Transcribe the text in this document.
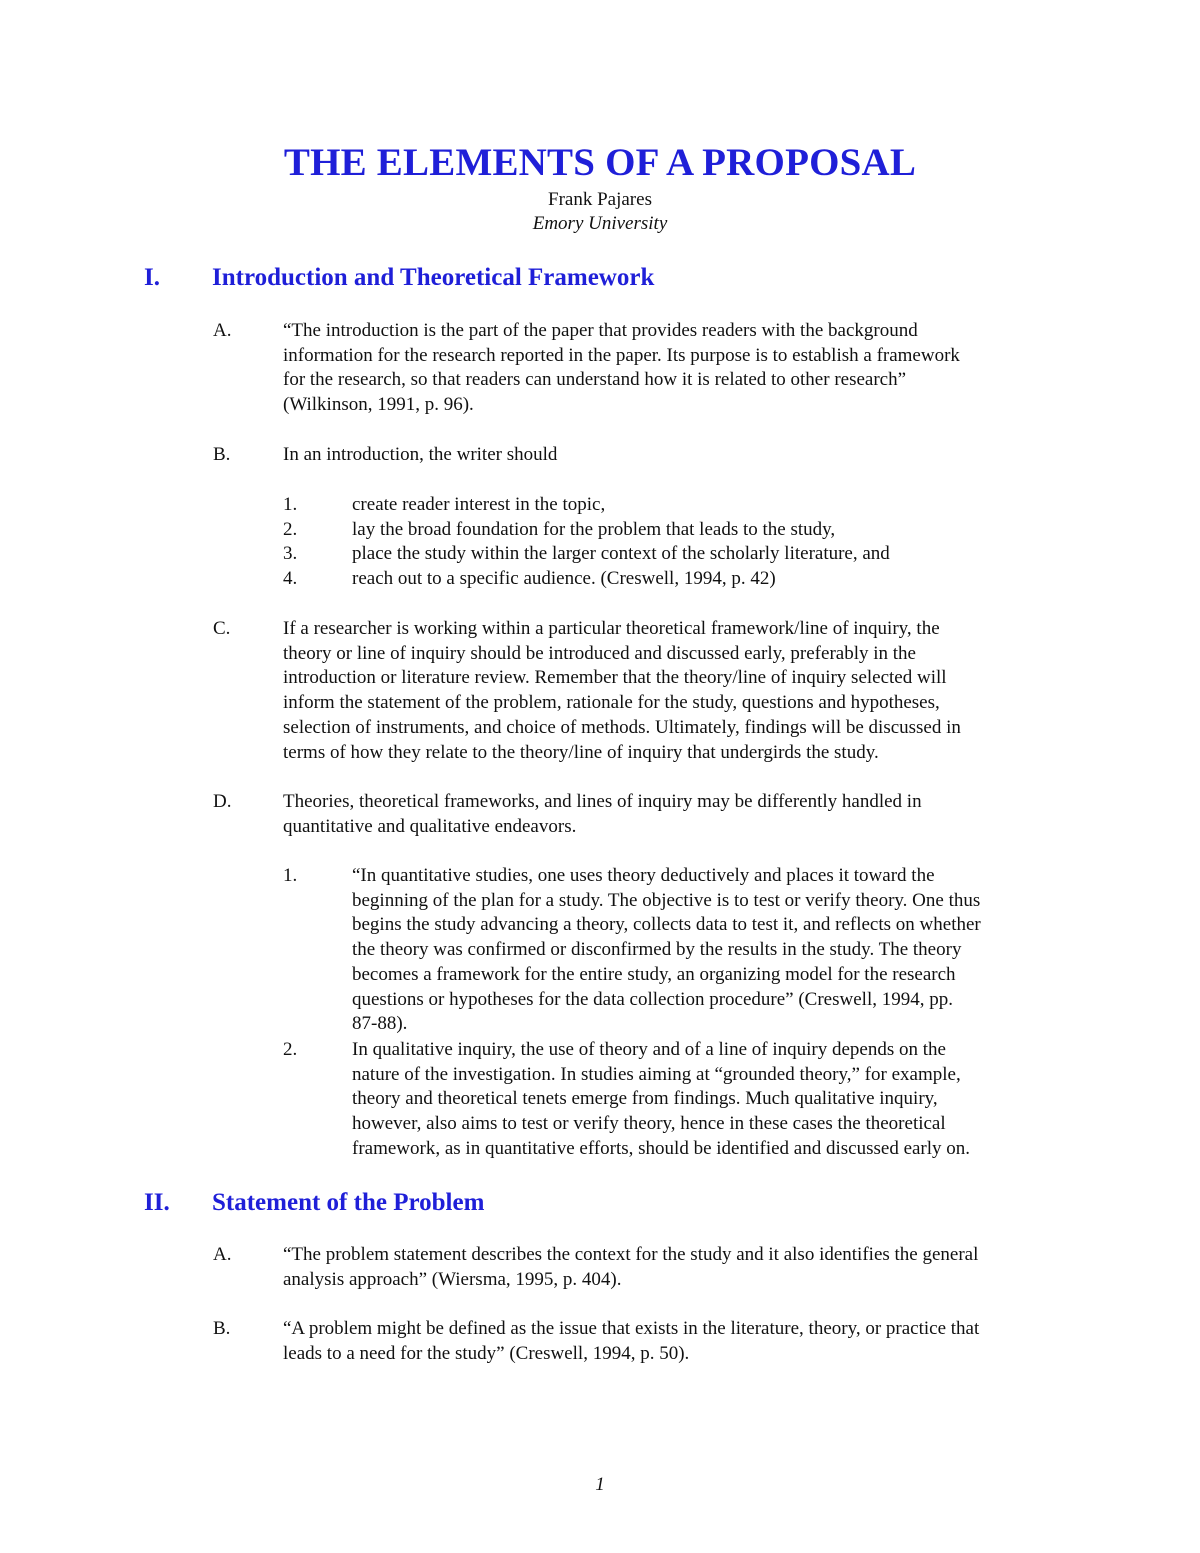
THE ELEMENTS OF A PROPOSAL
Frank Pajares
Emory University
I. Introduction and Theoretical Framework
A.	“The introduction is the part of the paper that provides readers with the background
information for the research reported in the paper. Its purpose is to establish a framework
for the research, so that readers can understand how it is related to other research”
(Wilkinson, 1991, p. 96).
B.	In an introduction, the writer should
1.	create reader interest in the topic,
2.	lay the broad foundation for the problem that leads to the study,
3.	place the study within the larger context of the scholarly literature, and
4.	reach out to a specific audience. (Creswell, 1994, p. 42)
C.	If a researcher is working within a particular theoretical framework/line of inquiry, the
theory or line of inquiry should be introduced and discussed early, preferably in the
introduction or literature review. Remember that the theory/line of inquiry selected will
inform the statement of the problem, rationale for the study, questions and hypotheses,
selection of instruments, and choice of methods. Ultimately, findings will be discussed in
terms of how they relate to the theory/line of inquiry that undergirds the study.
D.	Theories, theoretical frameworks, and lines of inquiry may be differently handled in
quantitative and qualitative endeavors.
1.	“In quantitative studies, one uses theory deductively and places it toward the
beginning of the plan for a study. The objective is to test or verify theory. One thus
begins the study advancing a theory, collects data to test it, and reflects on whether
the theory was confirmed or disconfirmed by the results in the study. The theory
becomes a framework for the entire study, an organizing model for the research
questions or hypotheses for the data collection procedure” (Creswell, 1994, pp.
87-88).
2.	In qualitative inquiry, the use of theory and of a line of inquiry depends on the
nature of the investigation. In studies aiming at “grounded theory,” for example,
theory and theoretical tenets emerge from findings. Much qualitative inquiry,
however, also aims to test or verify theory, hence in these cases the theoretical
framework, as in quantitative efforts, should be identified and discussed early on.
II. Statement of the Problem
A.	“The problem statement describes the context for the study and it also identifies the general
analysis approach” (Wiersma, 1995, p. 404).
B.	“A problem might be defined as the issue that exists in the literature, theory, or practice that
leads to a need for the study” (Creswell, 1994, p. 50).
1
